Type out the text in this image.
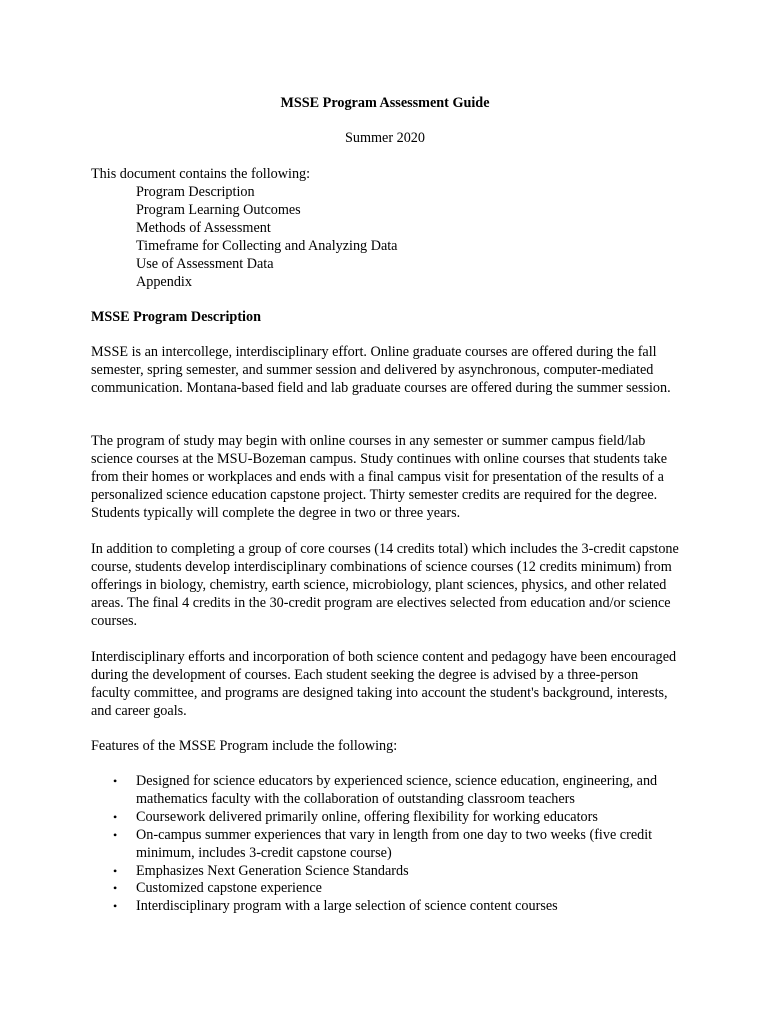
MSSE Program Assessment Guide
Summer 2020
This document contains the following:
Program Description
Program Learning Outcomes
Methods of Assessment
Timeframe for Collecting and Analyzing Data
Use of Assessment Data
Appendix
MSSE Program Description

MSSE is an intercollege, interdisciplinary effort. Online graduate courses are offered during the fall semester, spring semester, and summer session and delivered by asynchronous, computer-mediated communication. Montana-based field and lab graduate courses are offered during the summer session.

The program of study may begin with online courses in any semester or summer campus field/lab science courses at the MSU-Bozeman campus. Study continues with online courses that students take from their homes or workplaces and ends with a final campus visit for presentation of the results of a personalized science education capstone project. Thirty semester credits are required for the degree. Students typically will complete the degree in two or three years.

In addition to completing a group of core courses (14 credits total) which includes the 3-credit capstone course, students develop interdisciplinary combinations of science courses (12 credits minimum) from offerings in biology, chemistry, earth science, microbiology, plant sciences, physics, and other related areas. The final 4 credits in the 30-credit program are electives selected from education and/or science courses.

Interdisciplinary efforts and incorporation of both science content and pedagogy have been encouraged during the development of courses. Each student seeking the degree is advised by a three-person faculty committee, and programs are designed taking into account the student's background, interests, and career goals.

Features of the MSSE Program include the following:

• Designed for science educators by experienced science, science education, engineering, and mathematics faculty with the collaboration of outstanding classroom teachers
• Coursework delivered primarily online, offering flexibility for working educators
• On-campus summer experiences that vary in length from one day to two weeks (five credit minimum, includes 3-credit capstone course)
• Emphasizes Next Generation Science Standards
• Customized capstone experience
• Interdisciplinary program with a large selection of science content courses
